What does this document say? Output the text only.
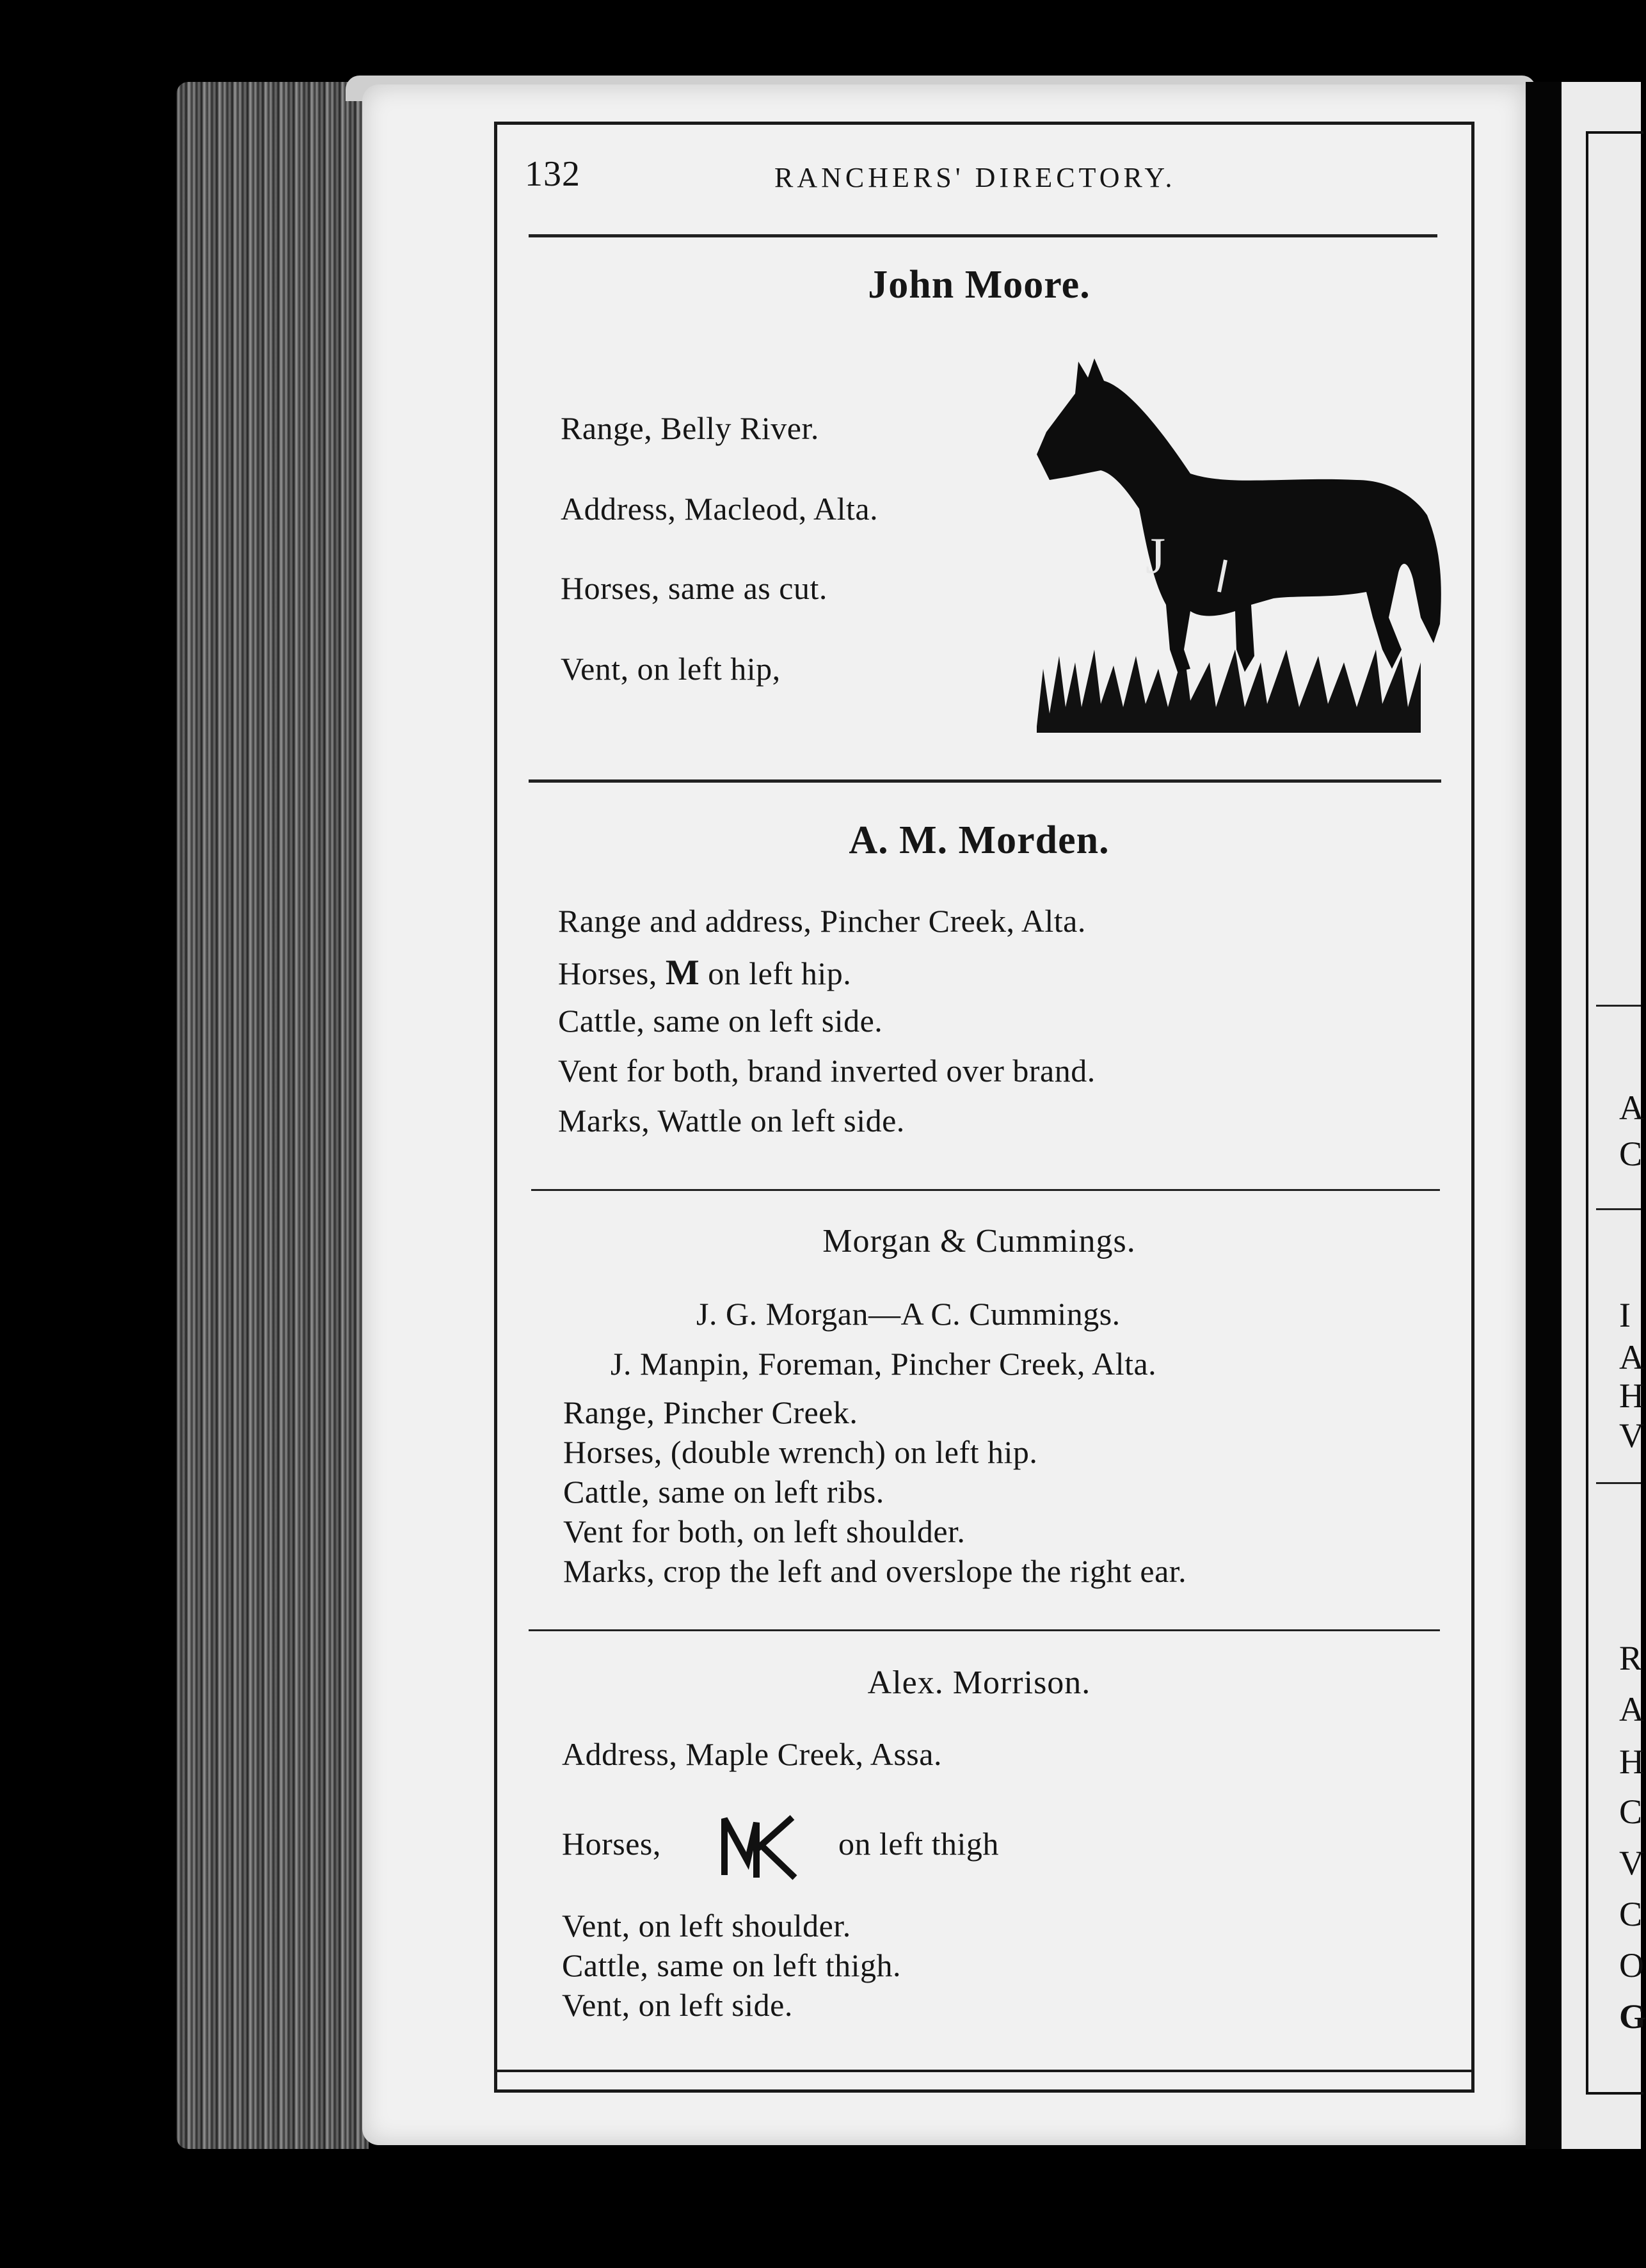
A
C
I
A
H
V
R
A
H
C
V
C
O
G
132	RANCHERS' DIRECTORY.
John Moore.
Range, Belly River.
Address, Macleod, Alta.
Horses, same as cut.
Vent, on left hip,
J
A. M. Morden.
Range and address, Pincher Creek, Alta.
Horses, M on left hip.
Cattle, same on left side.
Vent for both, brand inverted over brand.
Marks, Wattle on left side.
Morgan & Cummings.
J. G. Morgan—A C. Cummings.
J. Manpin, Foreman, Pincher Creek, Alta.
Range, Pincher Creek.
Horses, (double wrench) on left hip.
Cattle, same on left ribs.
Vent for both, on left shoulder.
Marks, crop the left and overslope the right ear.
Alex. Morrison.
Address, Maple Creek, Assa.
Horses,	on left thigh
Vent, on left shoulder.
Cattle, same on left thigh.
Vent, on left side.
